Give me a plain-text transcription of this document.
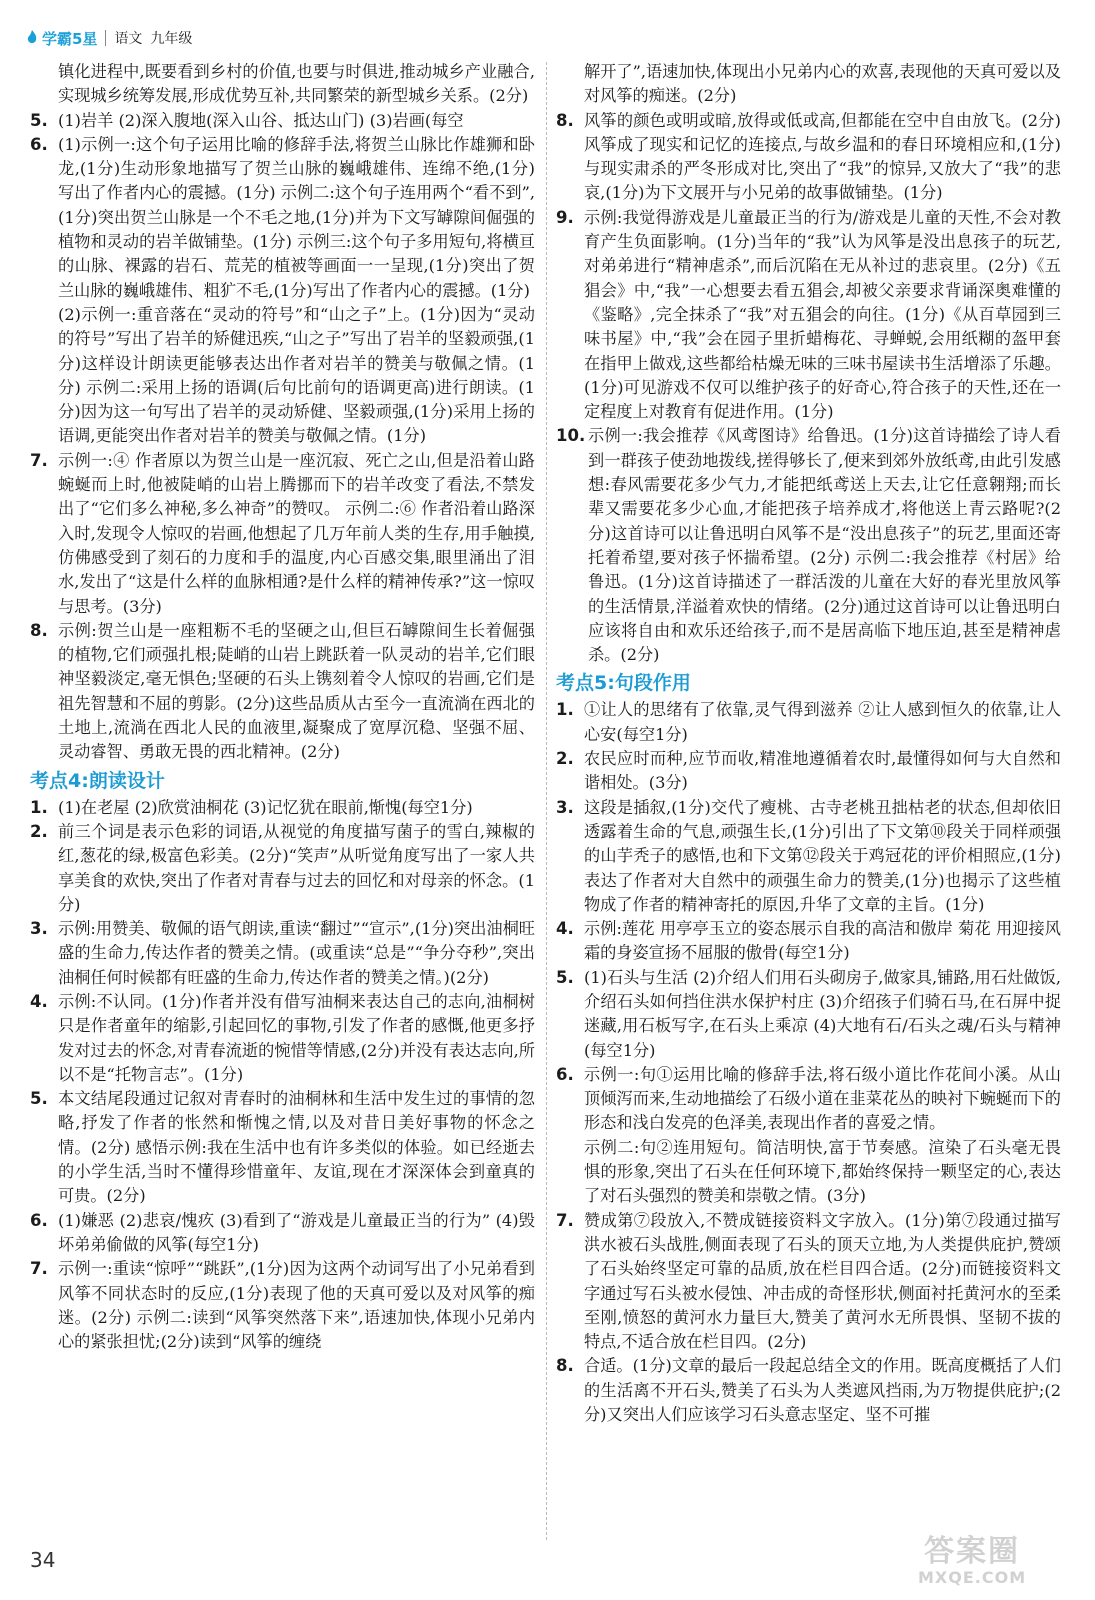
学霸5星 语文 九年级

镇化进程中,既要看到乡村的价值,也要与时俱进,推动城乡产业融合,实现城乡统筹发展,形成优势互补,共同繁荣的新型城乡关系。(2分)

5. (1)岩羊 (2)深入腹地(深入山谷、抵达山门) (3)岩画(每空
6. (1)示例一:这个句子运用比喻的修辞手法,将贺兰山脉比作雄狮和卧龙,(1分)生动形象地描写了贺兰山脉的巍峨雄伟、连绵不绝,(1分)写出了作者内心的震撼。(1分) 示例二:这个句子连用两个“看不到”,(1分)突出贺兰山脉是一个不毛之地,(1分)并为下文写罅隙间倔强的植物和灵动的岩羊做铺垫。(1分) 示例三:这个句子多用短句,将横亘的山脉、裸露的岩石、荒芜的植被等画面一一呈现,(1分)突出了贺兰山脉的巍峨雄伟、粗犷不毛,(1分)写出了作者内心的震撼。(1分)

(2)示例一:重音落在“灵动的符号”和“山之子”上。(1分)因为“灵动的符号”写出了岩羊的矫健迅疾,“山之子”写出了岩羊的坚毅顽强,(1分)这样设计朗读更能够表达出作者对岩羊的赞美与敬佩之情。(1分) 示例二:采用上扬的语调(后句比前句的语调更高)进行朗读。(1分)因为这一句写出了岩羊的灵动矫健、坚毅顽强,(1分)采用上扬的语调,更能突出作者对岩羊的赞美与敬佩之情。(1分)

7. 示例一:④ 作者原以为贺兰山是一座沉寂、死亡之山,但是沿着山路蜿蜒而上时,他被陡峭的山岩上腾挪而下的岩羊改变了看法,不禁发出了“它们多么神秘,多么神奇”的赞叹。 示例二:⑥ 作者沿着山路深入时,发现令人惊叹的岩画,他想起了几万年前人类的生存,用手触摸,仿佛感受到了刻石的力度和手的温度,内心百感交集,眼里涌出了泪水,发出了“这是什么样的血脉相通?是什么样的精神传承?”这一惊叹与思考。(3分)
8. 示例:贺兰山是一座粗粝不毛的坚硬之山,但巨石罅隙间生长着倔强的植物,它们顽强扎根;陡峭的山岩上跳跃着一队灵动的岩羊,它们眼神坚毅淡定,毫无惧色;坚硬的石头上镌刻着令人惊叹的岩画,它们是祖先智慧和不屈的剪影。(2分)这些品质从古至今一直流淌在西北的土地上,流淌在西北人民的血液里,凝聚成了宽厚沉稳、坚强不屈、灵动睿智、勇敢无畏的西北精神。(2分)
考点4:朗读设计
1. (1)在老屋 (2)欣赏油桐花 (3)记忆犹在眼前,惭愧(每空1分)
2. 前三个词是表示色彩的词语,从视觉的角度描写菌子的雪白,辣椒的红,葱花的绿,极富色彩美。(2分)“笑声”从听觉角度写出了一家人共享美食的欢快,突出了作者对青春与过去的回忆和对母亲的怀念。(1分)
3. 示例:用赞美、敬佩的语气朗读,重读“翻过”“宣示”,(1分)突出油桐旺盛的生命力,传达作者的赞美之情。(或重读“总是”“争分夺秒”,突出油桐任何时候都有旺盛的生命力,传达作者的赞美之情。)(2分)
4. 示例:不认同。(1分)作者并没有借写油桐来表达自己的志向,油桐树只是作者童年的缩影,引起回忆的事物,引发了作者的感慨,他更多抒发对过去的怀念,对青春流逝的惋惜等情感,(2分)并没有表达志向,所以不是“托物言志”。(1分)
5. 本文结尾段通过记叙对青春时的油桐林和生活中发生过的事情的忽略,抒发了作者的怅然和惭愧之情,以及对昔日美好事物的怀念之情。(2分) 感悟示例:我在生活中也有许多类似的体验。如已经逝去的小学生活,当时不懂得珍惜童年、友谊,现在才深深体会到童真的可贵。(2分)
6. (1)嫌恶 (2)悲哀/愧疚 (3)看到了“游戏是儿童最正当的行为” (4)毁坏弟弟偷做的风筝(每空1分)
7. 示例一:重读“惊呼”“跳跃”,(1分)因为这两个动词写出了小兄弟看到风筝不同状态时的反应,(1分)表现了他的天真可爱以及对风筝的痴迷。(2分) 示例二:读到“风筝突然落下来”,语速加快,体现小兄弟内心的紧张担忧;(2分)读到“风筝的缠绕

解开了”,语速加快,体现出小兄弟内心的欢喜,表现他的天真可爱以及对风筝的痴迷。(2分)

8. 风筝的颜色或明或暗,放得或低或高,但都能在空中自由放飞。(2分)风筝成了现实和记忆的连接点,与故乡温和的春日环境相应和,(1分)与现实肃杀的严冬形成对比,突出了“我”的惊异,又放大了“我”的悲哀,(1分)为下文展开与小兄弟的故事做铺垫。(1分)
9. 示例:我觉得游戏是儿童最正当的行为/游戏是儿童的天性,不会对教育产生负面影响。(1分)当年的“我”认为风筝是没出息孩子的玩艺,对弟弟进行“精神虐杀”,而后沉陷在无从补过的悲哀里。(2分)《五猖会》中,“我”一心想要去看五猖会,却被父亲要求背诵深奥难懂的《鉴略》,完全抹杀了“我”对五猖会的向往。(1分)《从百草园到三味书屋》中,“我”会在园子里折蜡梅花、寻蝉蜕,会用纸糊的盔甲套在指甲上做戏,这些都给枯燥无味的三味书屋读书生活增添了乐趣。(1分)可见游戏不仅可以维护孩子的好奇心,符合孩子的天性,还在一定程度上对教育有促进作用。(1分)
10. 示例一:我会推荐《风鸢图诗》给鲁迅。(1分)这首诗描绘了诗人看到一群孩子使劲地拨线,搓得够长了,便来到郊外放纸鸢,由此引发感想:春风需要花多少气力,才能把纸鸢送上天去,让它任意翱翔;而长辈又需要花多少心血,才能把孩子培养成才,将他送上青云路呢?(2分)这首诗可以让鲁迅明白风筝不是“没出息孩子”的玩艺,里面还寄托着希望,要对孩子怀揣希望。(2分) 示例二:我会推荐《村居》给鲁迅。(1分)这首诗描述了一群活泼的儿童在大好的春光里放风筝的生活情景,洋溢着欢快的情绪。(2分)通过这首诗可以让鲁迅明白应该将自由和欢乐还给孩子,而不是居高临下地压迫,甚至是精神虐杀。(2分)
考点5:句段作用
1. ①让人的思绪有了依靠,灵气得到滋养 ②让人感到恒久的依靠,让人心安(每空1分)
2. 农民应时而种,应节而收,精准地遵循着农时,最懂得如何与大自然和谐相处。(3分)
3. 这段是插叙,(1分)交代了瘦桃、古寺老桃丑拙枯老的状态,但却依旧透露着生命的气息,顽强生长,(1分)引出了下文第⑩段关于同样顽强的山芋秃子的感悟,也和下文第⑫段关于鸡冠花的评价相照应,(1分)表达了作者对大自然中的顽强生命力的赞美,(1分)也揭示了这些植物成了作者的精神寄托的原因,升华了文章的主旨。(1分)
4. 示例:莲花 用亭亭玉立的姿态展示自我的高洁和傲岸 菊花 用迎接风霜的身姿宣扬不屈服的傲骨(每空1分)
5. (1)石头与生活 (2)介绍人们用石头砌房子,做家具,铺路,用石灶做饭,介绍石头如何挡住洪水保护村庄 (3)介绍孩子们骑石马,在石屏中捉迷藏,用石板写字,在石头上乘凉 (4)大地有石/石头之魂/石头与精神(每空1分)
6. 示例一:句①运用比喻的修辞手法,将石级小道比作花间小溪。从山顶倾泻而来,生动地描绘了石级小道在韭菜花丛的映衬下蜿蜒而下的形态和浅白发亮的色泽美,表现出作者的喜爱之情。

示例二:句②连用短句。简洁明快,富于节奏感。渲染了石头毫无畏惧的形象,突出了石头在任何环境下,都始终保持一颗坚定的心,表达了对石头强烈的赞美和崇敬之情。(3分)

7. 赞成第⑦段放入,不赞成链接资料文字放入。(1分)第⑦段通过描写洪水被石头战胜,侧面表现了石头的顶天立地,为人类提供庇护,赞颂了石头始终坚定可靠的品质,放在栏目四合适。(2分)而链接资料文字通过写石头被水侵蚀、冲击成的奇怪形状,侧面衬托黄河水的至柔至刚,愤怒的黄河水力量巨大,赞美了黄河水无所畏惧、坚韧不拔的特点,不适合放在栏目四。(2分)
8. 合适。(1分)文章的最后一段起总结全文的作用。既高度概括了人们的生活离不开石头,赞美了石头为人类遮风挡雨,为万物提供庇护;(2分)又突出人们应该学习石头意志坚定、坚不可摧
34	答案圈
MXQE.COM
